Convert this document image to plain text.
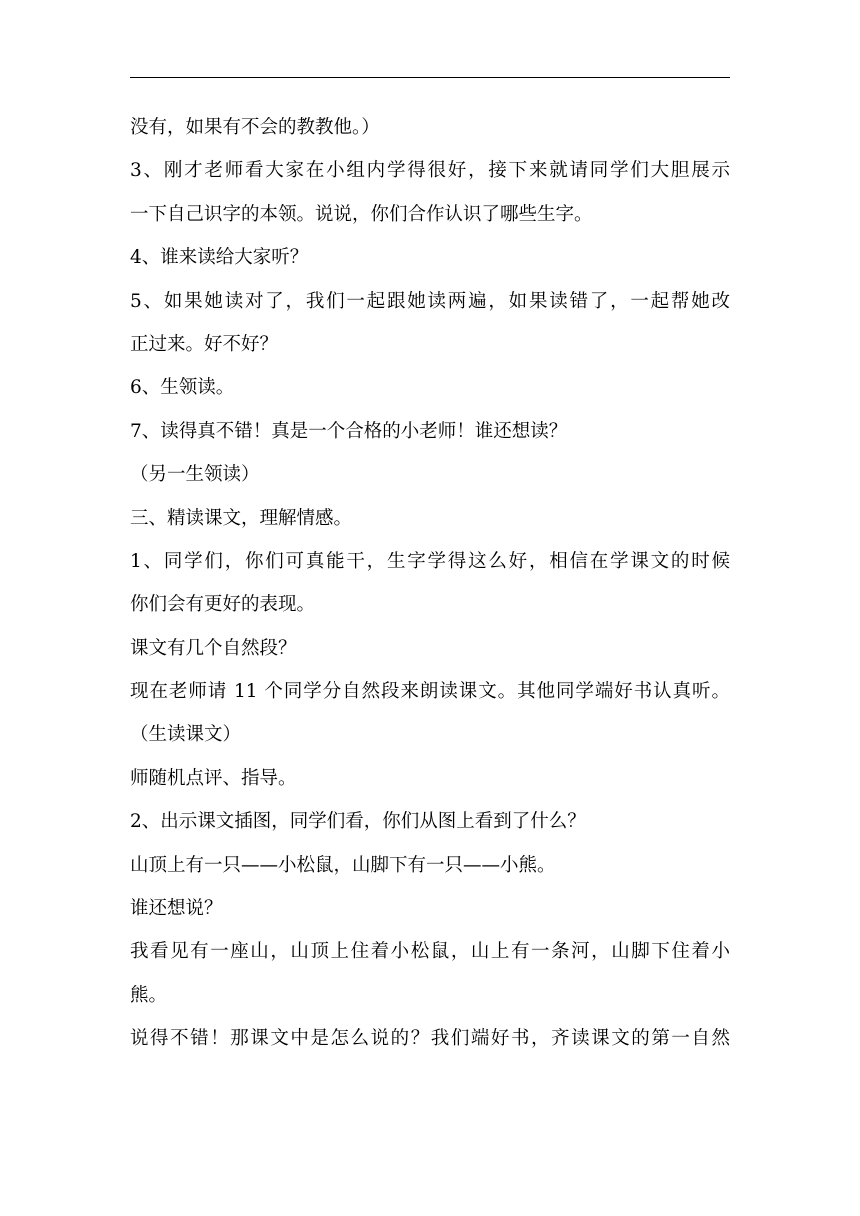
没有，如果有不会的教教他。）
3、刚才老师看大家在小组内学得很好，接下来就请同学们大胆展示
一下自己识字的本领。说说，你们合作认识了哪些生字。
4、谁来读给大家听？
5、如果她读对了，我们一起跟她读两遍，如果读错了，一起帮她改
正过来。好不好？
6、生领读。
7、读得真不错！真是一个合格的小老师！谁还想读？
（另一生领读）
三、精读课文，理解情感。
1、同学们，你们可真能干，生字学得这么好，相信在学课文的时候
你们会有更好的表现。
课文有几个自然段？
现在老师请 11 个同学分自然段来朗读课文。其他同学端好书认真听。
（生读课文）
师随机点评、指导。
2、出示课文插图，同学们看，你们从图上看到了什么？
山顶上有一只——小松鼠，山脚下有一只——小熊。
谁还想说？
我看见有一座山，山顶上住着小松鼠，山上有一条河，山脚下住着小
熊。
说得不错！那课文中是怎么说的？我们端好书，齐读课文的第一自然
